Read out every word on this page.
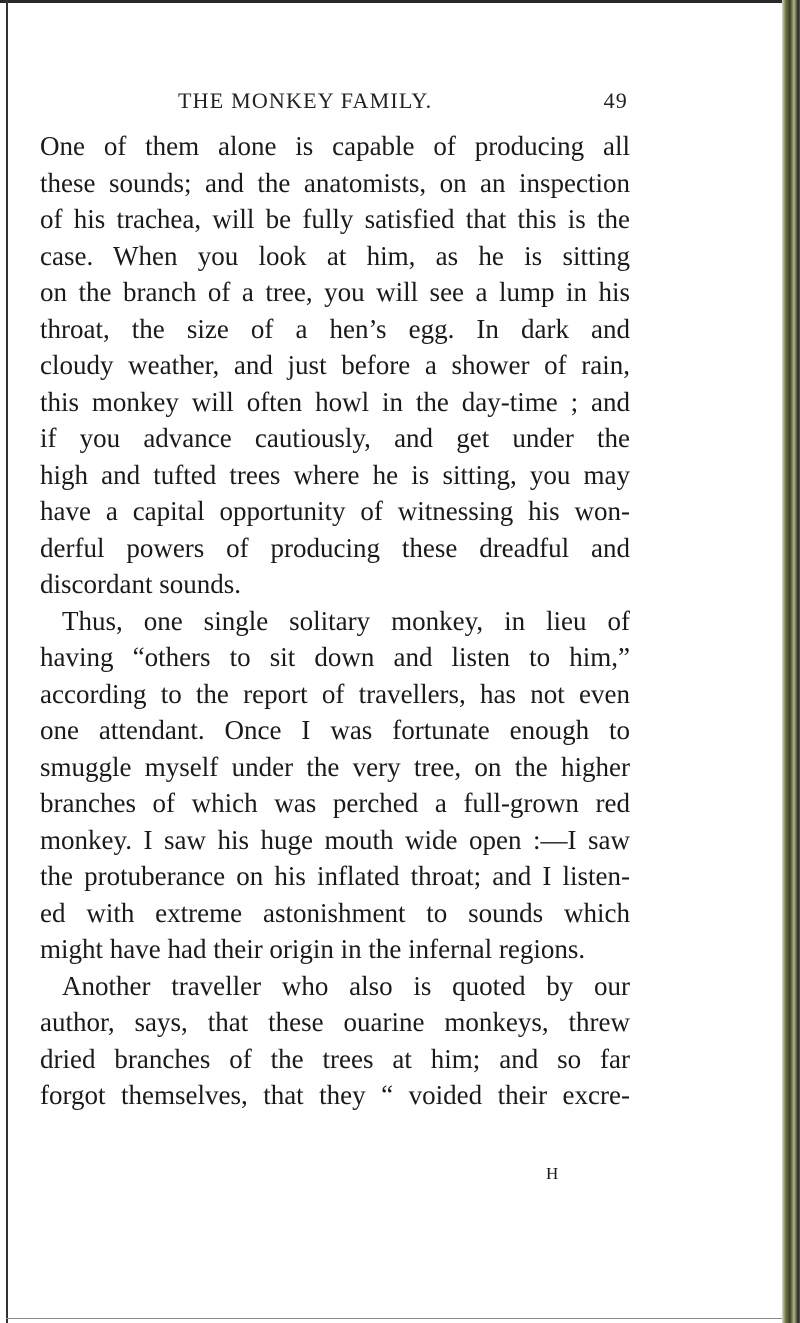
THE MONKEY FAMILY.	49
One of them alone is capable of producing all
these sounds; and the anatomists, on an inspection
of his trachea, will be fully satisfied that this is the
case. When you look at him, as he is sitting
on the branch of a tree, you will see a lump in his
throat, the size of a hen’s egg. In dark and
cloudy weather, and just before a shower of rain,
this monkey will often howl in the day-time ; and
if you advance cautiously, and get under the
high and tufted trees where he is sitting, you may
have a capital opportunity of witnessing his won-
derful powers of producing these dreadful and
discordant sounds.
Thus, one single solitary monkey, in lieu of
having “others to sit down and listen to him,”
according to the report of travellers, has not even
one attendant. Once I was fortunate enough to
smuggle myself under the very tree, on the higher
branches of which was perched a full-grown red
monkey. I saw his huge mouth wide open :—I saw
the protuberance on his inflated throat; and I listen-
ed with extreme astonishment to sounds which
might have had their origin in the infernal regions.
Another traveller who also is quoted by our
author, says, that these ouarine monkeys, threw
dried branches of the trees at him; and so far
forgot themselves, that they “ voided their excre-
H
